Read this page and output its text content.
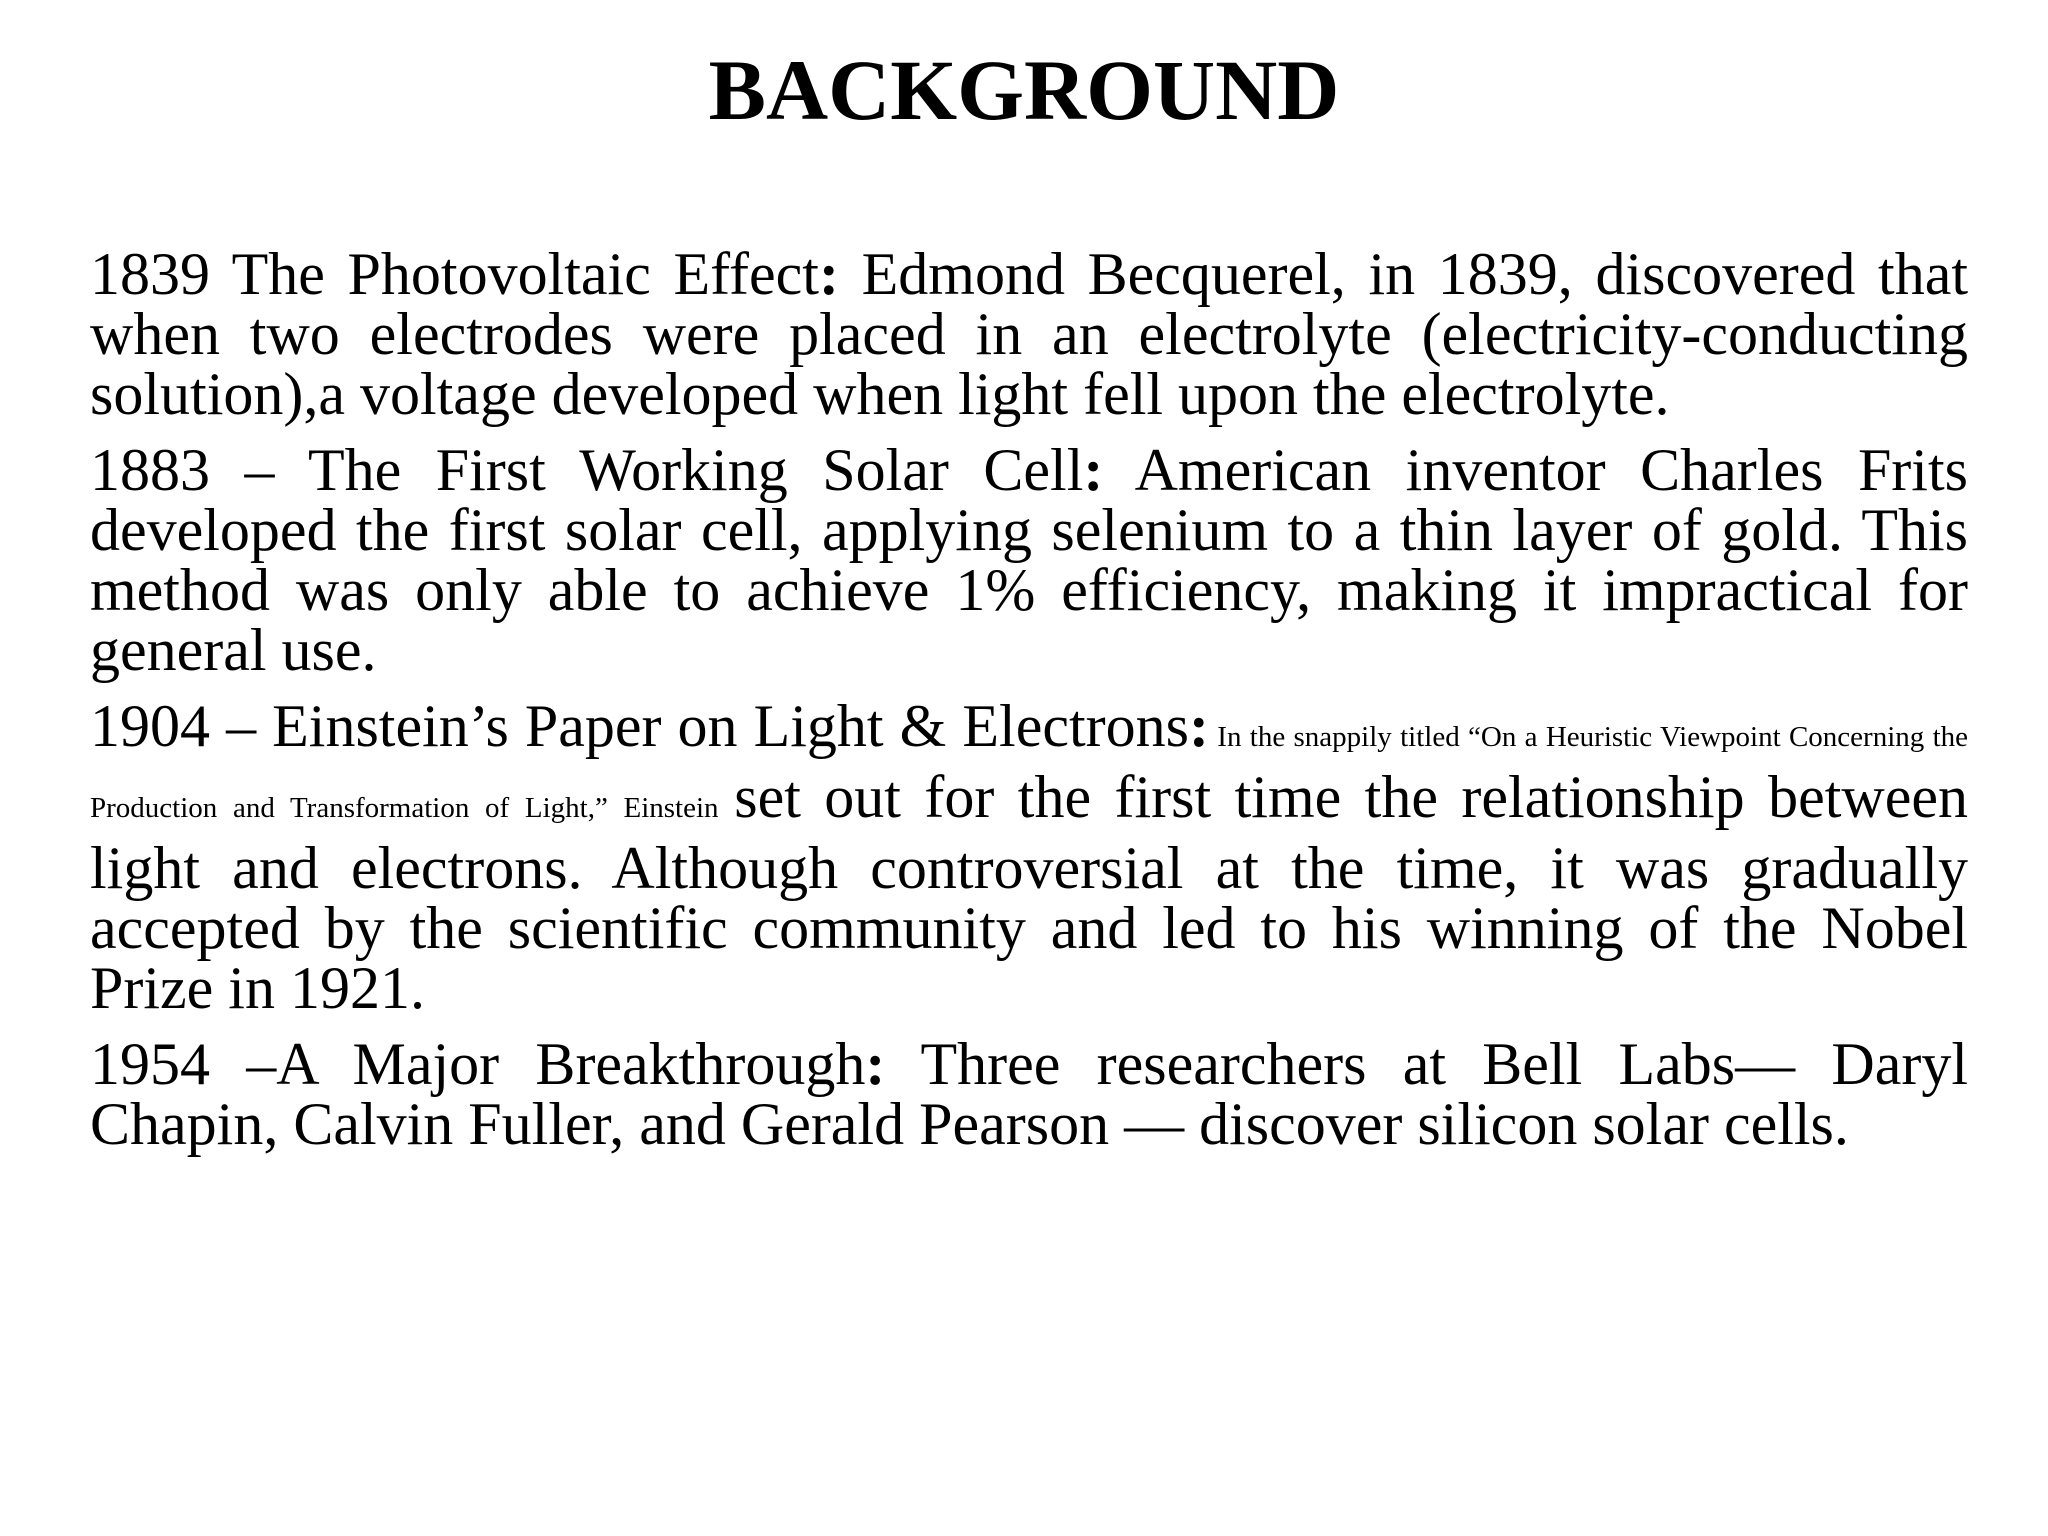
BACKGROUND

1839 The Photovoltaic Effect: Edmond Becquerel, in 1839, discovered that when two electrodes were placed in an electrolyte (electricity-conducting solution),a voltage developed when light fell upon the electrolyte.

1883 – The First Working Solar Cell: American inventor Charles Frits developed the first solar cell, applying selenium to a thin layer of gold. This method was only able to achieve 1% efficiency, making it impractical for general use.

1904 – Einstein’s Paper on Light & Electrons: In the snappily titled “On a Heuristic Viewpoint Concerning the Production and Transformation of Light,” Einstein set out for the first time the relationship between light and electrons. Although controversial at the time, it was gradually accepted by the scientific community and led to his winning of the Nobel Prize in 1921.

1954 –A Major Breakthrough: Three researchers at Bell Labs— Daryl Chapin, Calvin Fuller, and Gerald Pearson — discover silicon solar cells.
